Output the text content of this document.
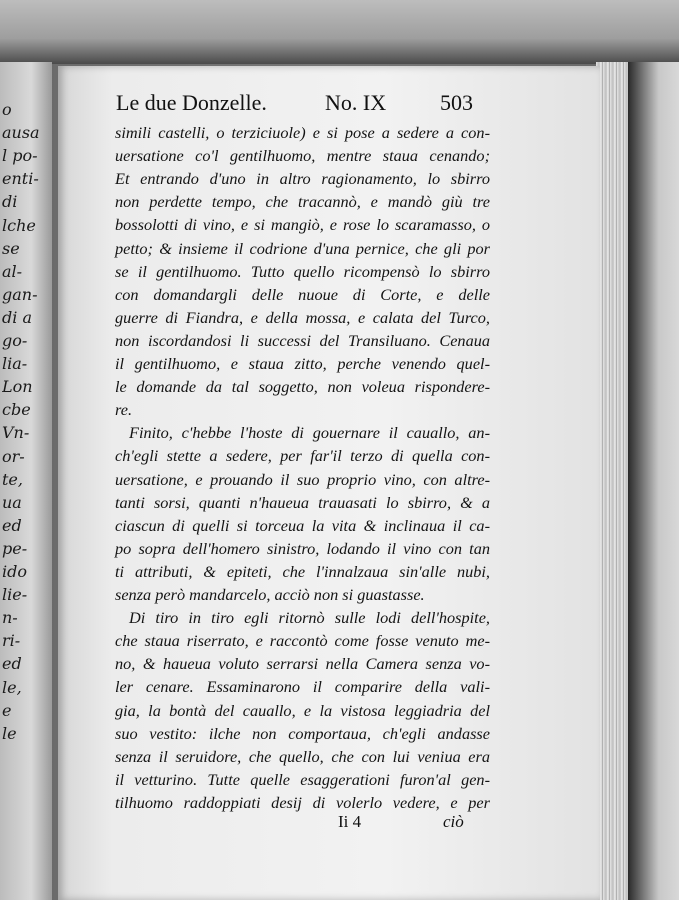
o
ausa
l po-
enti-
di
lche
se
al-
gan-
di a
go-
lia-
Lon
cbe
Vn-
or-
te,
ua
ed
pe-
ido
lie-
n-
ri-
ed
le,
e
le
Le due Donzelle.	No. IX 503
simili castelli, o terziciuole) e si pose a sedere a con-
uersatione co'l gentilhuomo, mentre staua cenando;
Et entrando d'uno in altro ragionamento, lo sbirro
non perdette tempo, che tracannò, e mandò giù tre
bossolotti di vino, e si mangiò, e rose lo scaramasso, o
petto; & insieme il codrione d'una pernice, che gli por
se il gentilhuomo. Tutto quello ricompensò lo sbirro
con domandargli delle nuoue di Corte, e delle
guerre di Fiandra, e della mossa, e calata del Turco,
non iscordandosi li successi del Transiluano. Cenaua
il gentilhuomo, e staua zitto, perche venendo quel-
le domande da tal soggetto, non voleua rispondere-
re.
Finito, c'hebbe l'hoste di gouernare il cauallo, an-
ch'egli stette a sedere, per far'il terzo di quella con-
uersatione, e prouando il suo proprio vino, con altre-
tanti sorsi, quanti n'haueua trauasati lo sbirro, & a
ciascun di quelli si torceua la vita & inclinaua il ca-
po sopra dell'homero sinistro, lodando il vino con tan
ti attributi, & epiteti, che l'innalzaua sin'alle nubi,
senza però mandarcelo, acciò non si guastasse.
Di tiro in tiro egli ritornò sulle lodi dell'hospite,
che staua riserrato, e raccontò come fosse venuto me-
no, & haueua voluto serrarsi nella Camera senza vo-
ler cenare. Essaminarono il comparire della vali-
gia, la bontà del cauallo, e la vistosa leggiadria del
suo vestito: ilche non comportaua, ch'egli andasse
senza il seruidore, che quello, che con lui veniua era
il vetturino. Tutte quelle esaggerationi furon'al gen-
tilhuomo raddoppiati desij di volerlo vedere, e per
Ii 4	ciò
